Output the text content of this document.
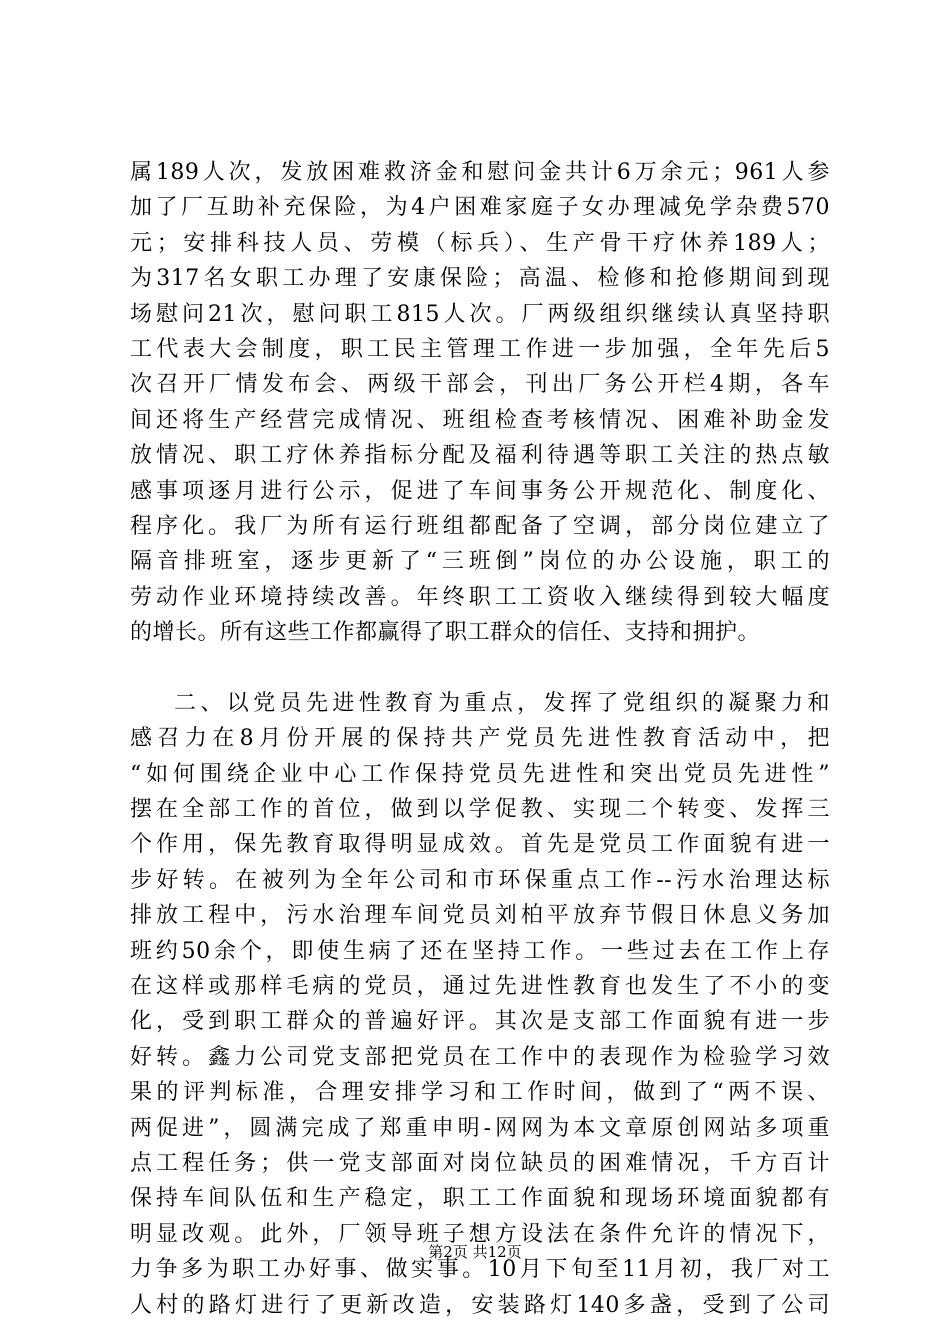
属189人次，发放困难救济金和慰问金共计6万余元；961人参
加了厂互助补充保险，为4户困难家庭子女办理减免学杂费570
元；安排科技人员、劳模（标兵）、生产骨干疗休养189人；
为317名女职工办理了安康保险；高温、检修和抢修期间到现
场慰问21次，慰问职工815人次。厂两级组织继续认真坚持职
工代表大会制度，职工民主管理工作进一步加强，全年先后5
次召开厂情发布会、两级干部会，刊出厂务公开栏4期，各车
间还将生产经营完成情况、班组检查考核情况、困难补助金发
放情况、职工疗休养指标分配及福利待遇等职工关注的热点敏
感事项逐月进行公示，促进了车间事务公开规范化、制度化、
程序化。我厂为所有运行班组都配备了空调，部分岗位建立了
隔音排班室，逐步更新了“三班倒”岗位的办公设施，职工的
劳动作业环境持续改善。年终职工工资收入继续得到较大幅度
的增长。所有这些工作都赢得了职工群众的信任、支持和拥护。
二、以党员先进性教育为重点，发挥了党组织的凝聚力和
感召力在8月份开展的保持共产党员先进性教育活动中，把
“如何围绕企业中心工作保持党员先进性和突出党员先进性”
摆在全部工作的首位，做到以学促教、实现二个转变、发挥三
个作用，保先教育取得明显成效。首先是党员工作面貌有进一
步好转。在被列为全年公司和市环保重点工作--污水治理达标
排放工程中，污水治理车间党员刘柏平放弃节假日休息义务加
班约50余个，即使生病了还在坚持工作。一些过去在工作上存
在这样或那样毛病的党员，通过先进性教育也发生了不小的变
化，受到职工群众的普遍好评。其次是支部工作面貌有进一步
好转。鑫力公司党支部把党员在工作中的表现作为检验学习效
果的评判标准，合理安排学习和工作时间，做到了“两不误、
两促进”，圆满完成了郑重申明-网网为本文章原创网站多项重
点工程任务；供一党支部面对岗位缺员的困难情况，千方百计
保持车间队伍和生产稳定，职工工作面貌和现场环境面貌都有
明显改观。此外，厂领导班子想方设法在条件允许的情况下，
力争多为职工办好事、做实事。10月下旬至11月初，我厂对工
人村的路灯进行了更新改造，安装路灯140多盏，受到了公司
第2页 共12页
